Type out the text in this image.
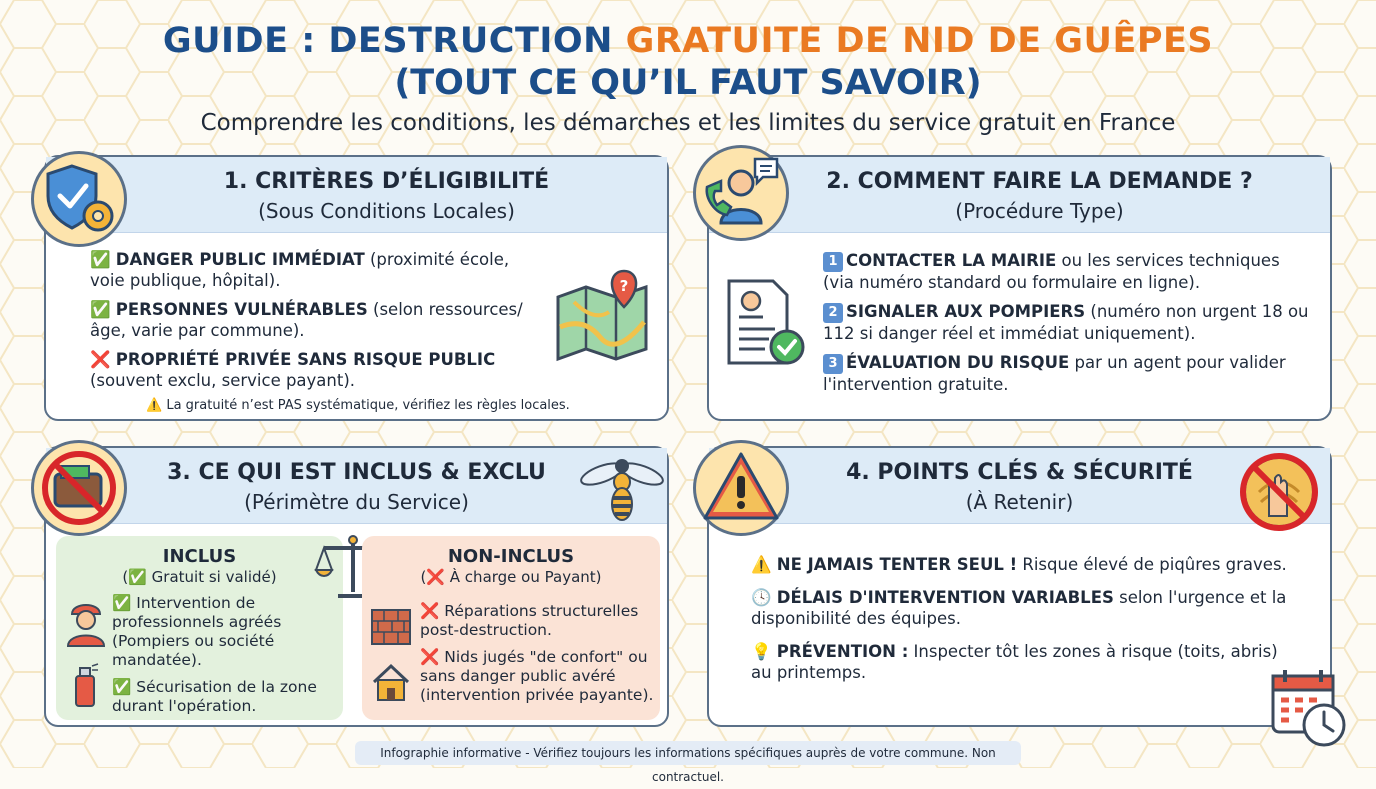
GUIDE : DESTRUCTION GRATUITE DE NID DE GUÊPES
(TOUT CE QU’IL FAUT SAVOIR)
Comprendre les conditions, les démarches et les limites du service gratuit en France
1. CRITÈRES D’ÉLIGIBILITÉ
(Sous Conditions Locales)
✅ DANGER PUBLIC IMMÉDIAT (proximité école, voie publique, hôpital).
✅ PERSONNES VULNÉRABLES (selon ressources/âge, varie par commune).
❌ PROPRIÉTÉ PRIVÉE SANS RISQUE PUBLIC (souvent exclu, service payant).
⚠️ La gratuité n’est PAS systématique, vérifiez les règles locales.
?
2. COMMENT FAIRE LA DEMANDE ?
(Procédure Type)
1 CONTACTER LA MAIRIE ou les services techniques (via numéro standard ou formulaire en ligne).
2 SIGNALER AUX POMPIERS (numéro non urgent 18 ou 112 si danger réel et immédiat uniquement).
3 ÉVALUATION DU RISQUE par un agent pour valider l'intervention gratuite.
3. CE QUI EST INCLUS & EXCLU
(Périmètre du Service)
INCLUS
(✅ Gratuit si validé)
✅ Intervention de professionnels agréés (Pompiers ou société mandatée).
✅ Sécurisation de la zone durant l'opération.
NON-INCLUS
(❌ À charge ou Payant)
❌ Réparations structurelles post-destruction.
❌ Nids jugés "de confort" ou sans danger public avéré (intervention privée payante).
4. POINTS CLÉS & SÉCURITÉ
(À Retenir)
⚠️ NE JAMAIS TENTER SEUL ! Risque élevé de piqûres graves.
🕓 DÉLAIS D'INTERVENTION VARIABLES selon l'urgence et la disponibilité des équipes.
💡 PRÉVENTION : Inspecter tôt les zones à risque (toits, abris) au printemps.
Infographie informative - Vérifiez toujours les informations spécifiques auprès de votre commune. Non contractuel.
